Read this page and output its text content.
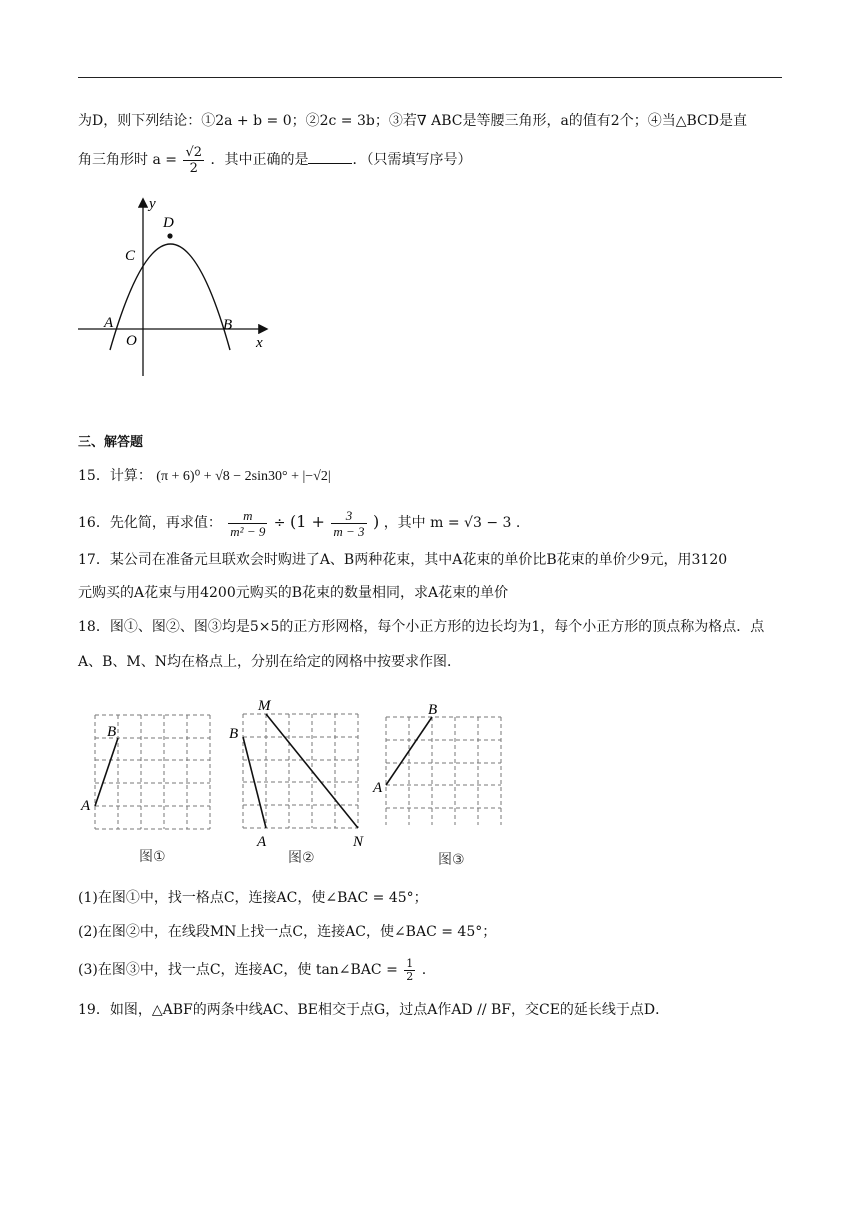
为D，则下列结论：①2a + b = 0；②2c = 3b；③若∇ ABC是等腰三角形，a的值有2个；④当△BCD是直
角三角形时 $a = \frac{√2}{2}$ ．其中正确的是	．（只需填写序号）
y
x
O
A	B
C
D
三、解答题
15．计算： (π + 6)⁰ + √8 − 2sin30° + |−√2|
16．先化简，再求值： $\frac{m}{\text{m² − 9}} \div (1 + \frac{3}{m - 3}$ ) ，其中 m = √3 − 3 .
17．某公司在准备元旦联欢会时购进了A、B两种花束，其中A花束的单价比B花束的单价少9元，用3120
元购买的A花束与用4200元购买的B花束的数量相同，求A花束的单价
18．图①、图②、图③均是5×5的正方形网格，每个小正方形的边长均为1，每个小正方形的顶点称为格点．点
A、B、M、N均在格点上，分别在给定的网格中按要求作图．
B
A
M
B
A	N
B
A
图①	图②	图③
(1)在图①中，找一格点C，连接AC，使∠BAC = 45°；
(2)在图②中，在线段MN上找一点C，连接AC，使∠BAC = 45°；
(3)在图③中，找一点C，连接AC，使 tan∠BAC = $\frac{1}{2}$ .
19．如图，△ABF的两条中线AC、BE相交于点G，过点A作AD // BF，交CE的延长线于点D．
